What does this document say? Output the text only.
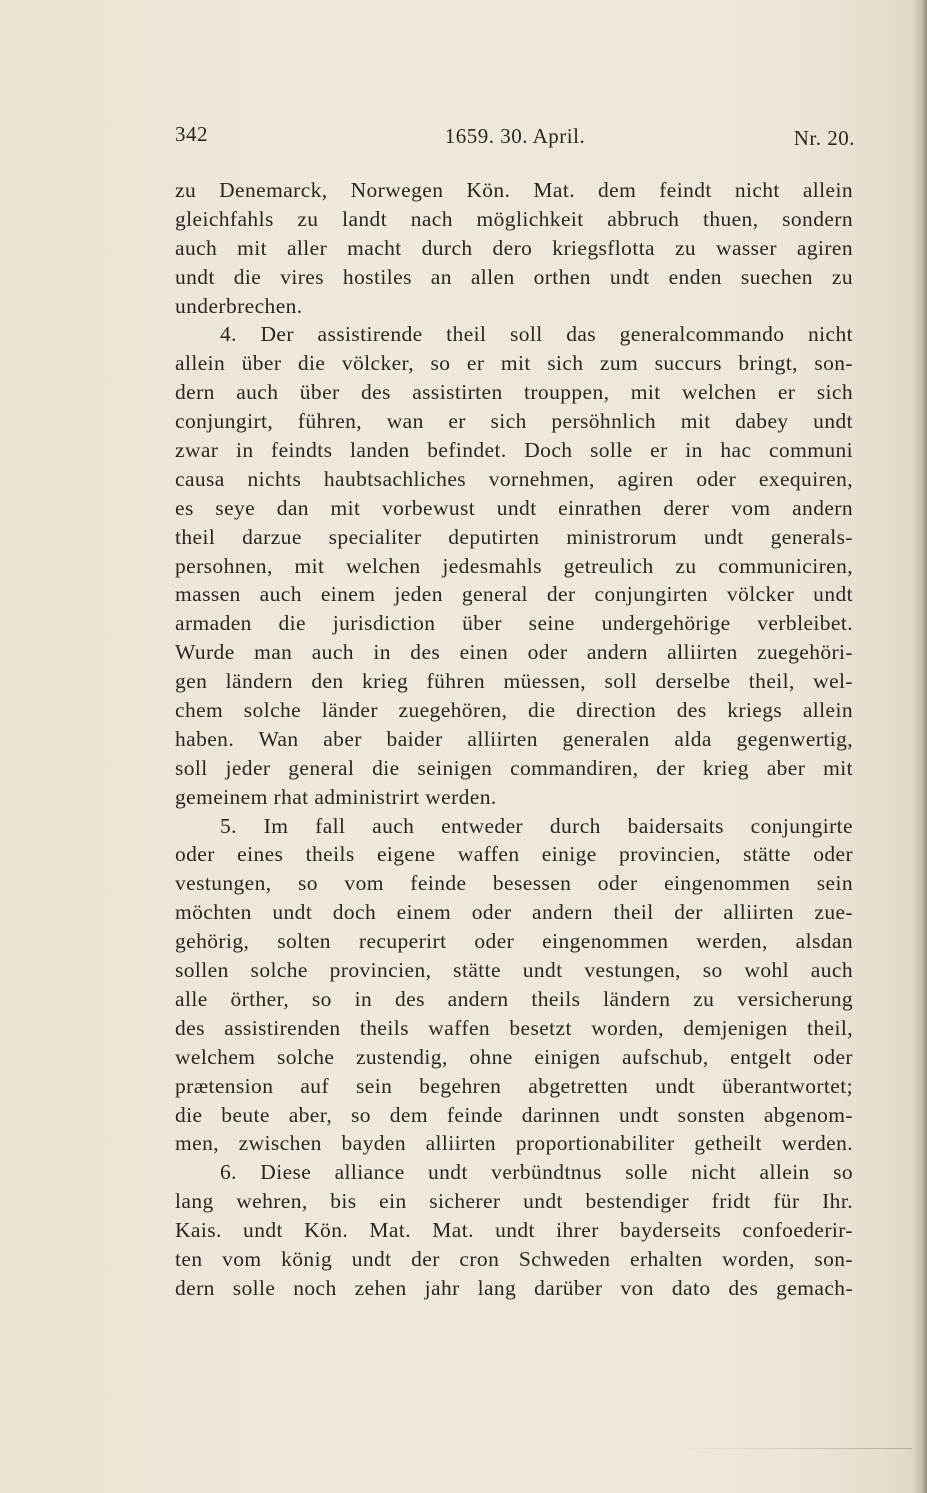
342	1659. 30. April.	Nr. 20.
zu Denemarck, Norwegen Kön. Mat. dem feindt nicht allein
gleichfahls zu landt nach möglichkeit abbruch thuen, sondern
auch mit aller macht durch dero kriegsflotta zu wasser agiren
undt die vires hostiles an allen orthen undt enden suechen zu
underbrechen.
4. Der assistirende theil soll das generalcommando nicht
allein über die völcker, so er mit sich zum succurs bringt, son-
dern auch über des assistirten trouppen, mit welchen er sich
conjungirt, führen, wan er sich persöhnlich mit dabey undt
zwar in feindts landen befindet. Doch solle er in hac communi
causa nichts haubtsachliches vornehmen, agiren oder exequiren,
es seye dan mit vorbewust undt einrathen derer vom andern
theil darzue specialiter deputirten ministrorum undt generals-
persohnen, mit welchen jedesmahls getreulich zu communiciren,
massen auch einem jeden general der conjungirten völcker undt
armaden die jurisdiction über seine undergehörige verbleibet.
Wurde man auch in des einen oder andern alliirten zuegehöri-
gen ländern den krieg führen müessen, soll derselbe theil, wel-
chem solche länder zuegehören, die direction des kriegs allein
haben. Wan aber baider alliirten generalen alda gegenwertig,
soll jeder general die seinigen commandiren, der krieg aber mit
gemeinem rhat administrirt werden.
5. Im fall auch entweder durch baidersaits conjungirte
oder eines theils eigene waffen einige provincien, stätte oder
vestungen, so vom feinde besessen oder eingenommen sein
möchten undt doch einem oder andern theil der alliirten zue-
gehörig, solten recuperirt oder eingenommen werden, alsdan
sollen solche provincien, stätte undt vestungen, so wohl auch
alle örther, so in des andern theils ländern zu versicherung
des assistirenden theils waffen besetzt worden, demjenigen theil,
welchem solche zustendig, ohne einigen aufschub, entgelt oder
prætension auf sein begehren abgetretten undt überantwortet;
die beute aber, so dem feinde darinnen undt sonsten abgenom-
men, zwischen bayden alliirten proportionabiliter getheilt werden.
6. Diese alliance undt verbündtnus solle nicht allein so
lang wehren, bis ein sicherer undt bestendiger fridt für Ihr.
Kais. undt Kön. Mat. Mat. undt ihrer bayderseits confoederir-
ten vom könig undt der cron Schweden erhalten worden, son-
dern solle noch zehen jahr lang darüber von dato des gemach-
